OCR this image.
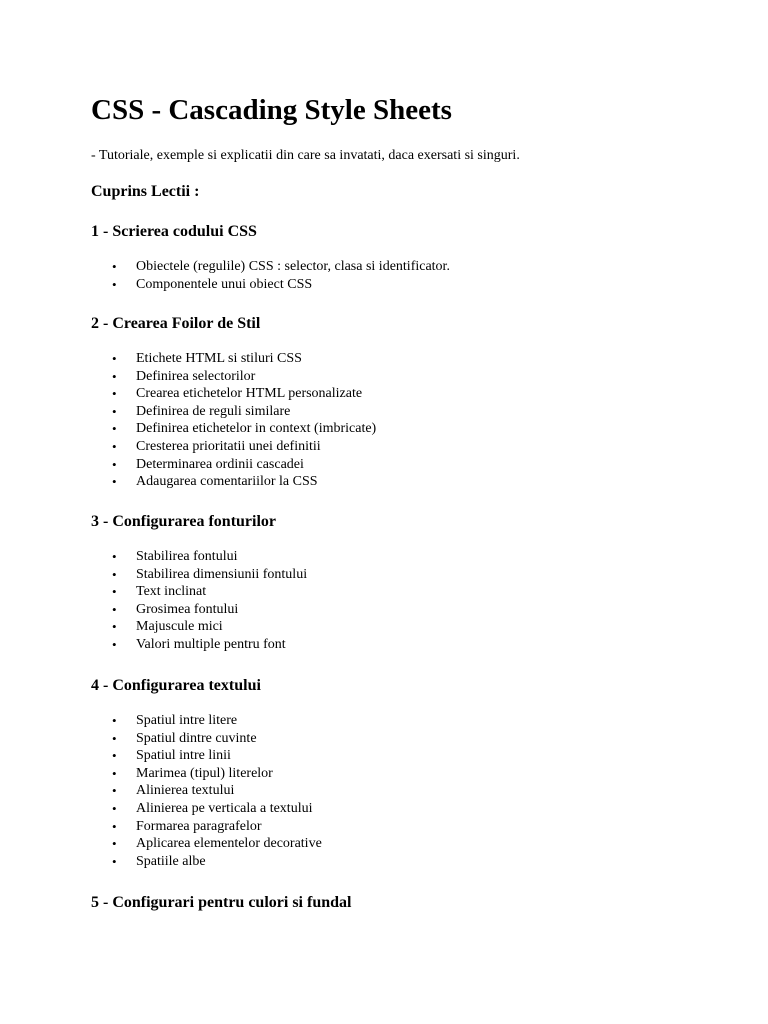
CSS - Cascading Style Sheets

- Tutoriale, exemple si explicatii din care sa invatati, daca exersati si singuri.

Cuprins Lectii :

1 - Scrierea codului CSS
• Obiectele (regulile) CSS : selector, clasa si identificator.
• Componentele unui obiect CSS
2 - Crearea Foilor de Stil
• Etichete HTML si stiluri CSS
• Definirea selectorilor
• Crearea etichetelor HTML personalizate
• Definirea de reguli similare
• Definirea etichetelor in context (imbricate)
• Cresterea prioritatii unei definitii
• Determinarea ordinii cascadei
• Adaugarea comentariilor la CSS
3 - Configurarea fonturilor
• Stabilirea fontului
• Stabilirea dimensiunii fontului
• Text inclinat
• Grosimea fontului
• Majuscule mici
• Valori multiple pentru font
4 - Configurarea textului
• Spatiul intre litere
• Spatiul dintre cuvinte
• Spatiul intre linii
• Marimea (tipul) literelor
• Alinierea textului
• Alinierea pe verticala a textului
• Formarea paragrafelor
• Aplicarea elementelor decorative
• Spatiile albe
5 - Configurari pentru culori si fundal
